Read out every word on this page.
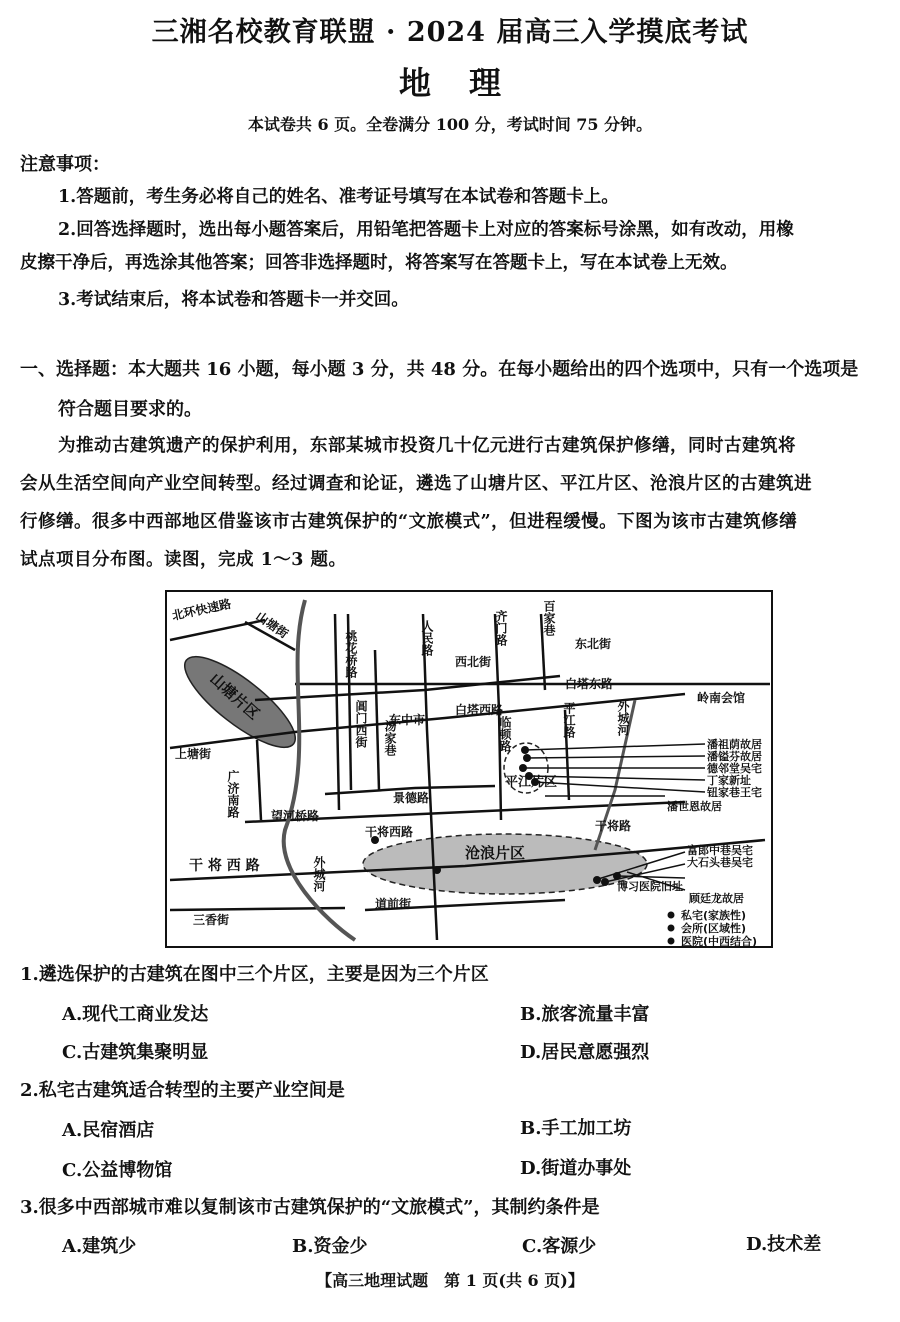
三湘名校教育联盟 · 2024 届高三入学摸底考试
地理
本试卷共 6 页。全卷满分 100 分，考试时间 75 分钟。
注意事项：
1.答题前，考生务必将自己的姓名、准考证号填写在本试卷和答题卡上。
2.回答选择题时，选出每小题答案后，用铅笔把答题卡上对应的答案标号涂黑，如有改动，用橡
皮擦干净后，再选涂其他答案；回答非选择题时，将答案写在答题卡上，写在本试卷上无效。
3.考试结束后，将本试卷和答题卡一并交回。
一、选择题：本大题共 16 小题，每小题 3 分，共 48 分。在每小题给出的四个选项中，只有一个选项是
符合题目要求的。
为推动古建筑遗产的保护利用，东部某城市投资几十亿元进行古建筑保护修缮，同时古建筑将
会从生活空间向产业空间转型。经过调查和论证，遴选了山塘片区、平江片区、沧浪片区的古建筑进
行修缮。很多中西部地区借鉴该市古建筑保护的“文旅模式”，但进程缓慢。下图为该市古建筑修缮
试点项目分布图。读图，完成 1～3 题。
北环快速路 山塘街
桃花桥路
阊门西街 汤家巷
人民路	齐门路	百家巷
东北街
西北街
白塔东路
白塔西路
东中市
岭南会馆
上塘街
广济南路	望河桥路
景德路
临顿路	平江路	外城河
干将路
干将西路
干 将 西 路	外城河
道前街
三香街
山塘片区
平江片区
沧浪片区
潘祖荫故居
潘镒芬故居
德邻堂吴宅
丁家新址
钮家巷王宅
潘世恩故居
富郎中巷吴宅
大石头巷吴宅
博习医院旧址
顾廷龙故居
私宅(家族性)
会所(区域性)
医院(中西结合)
1.遴选保护的古建筑在图中三个片区，主要是因为三个片区
A.现代工商业发达	B.旅客流量丰富
C.古建筑集聚明显	D.居民意愿强烈
2.私宅古建筑适合转型的主要产业空间是
A.民宿酒店	B.手工加工坊
C.公益博物馆	D.街道办事处
3.很多中西部城市难以复制该市古建筑保护的“文旅模式”，其制约条件是
A.建筑少	B.资金少	C.客源少	D.技术差
【高三地理试题　第 1 页(共 6 页)】
